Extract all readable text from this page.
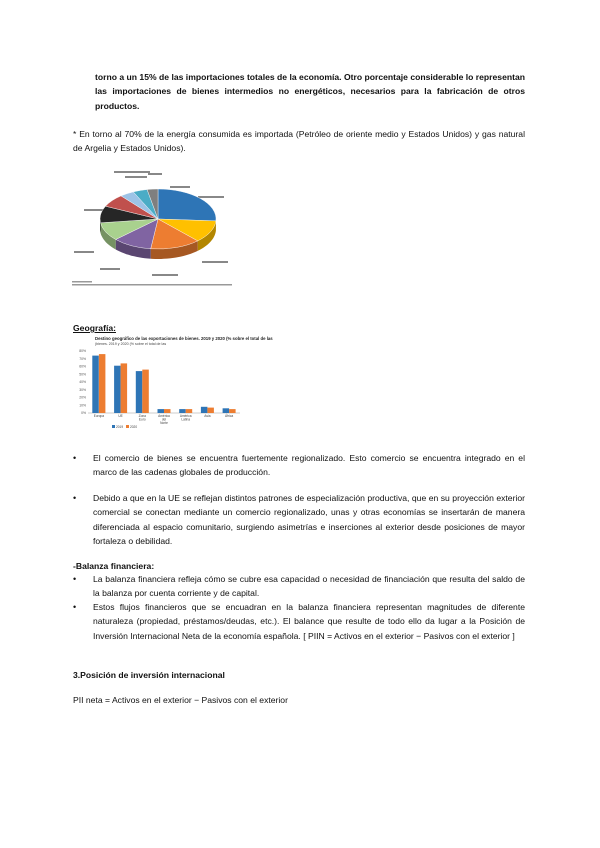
torno a un 15% de las importaciones totales de la economía. Otro porcentaje considerable lo representan las importaciones de bienes intermedios no energéticos, necesarios para la fabricación de otros productos.

* En torno al 70% de la energía consumida es importada (Petróleo de oriente medio y Estados Unidos) y gas natural de Argelia y Estados Unidos).

Geografía:
Destino geográfico de las exportaciones de bienes. 2019 y 2020 (% sobre el total de las
(bienes. 2019 y 2020 (% sobre el total de las
80%
70%
60%
50%
40%
30%
20%
10%
0%
Europa	UE	Zona
Euro
América
del
Norte
América
Latina
Asia	África
2019 2020
•	El comercio de bienes se encuentra fuertemente regionalizado. Esto comercio se encuentra integrado en el marco de las cadenas globales de producción.

•	Debido a que en la UE se reflejan distintos patrones de especialización productiva, que en su proyección exterior comercial se conectan mediante un comercio regionalizado, unas y otras economías se insertarán de manera diferenciada al espacio comunitario, surgiendo asimetrías e inserciones al exterior desde posiciones de mayor fortaleza o debilidad.

-Balanza financiera:
•	La balanza financiera refleja cómo se cubre esa capacidad o necesidad de financiación que resulta del saldo de la balanza por cuenta corriente y de capital.

•	Estos flujos financieros que se encuadran en la balanza financiera representan magnitudes de diferente naturaleza (propiedad, préstamos/deudas, etc.). El balance que resulte de todo ello da lugar a la Posición de Inversión Internacional Neta de la economía española. [ PIIN = Activos en el exterior − Pasivos con el exterior ]

3.Posición de inversión internacional
PII neta = Activos en el exterior − Pasivos con el exterior
